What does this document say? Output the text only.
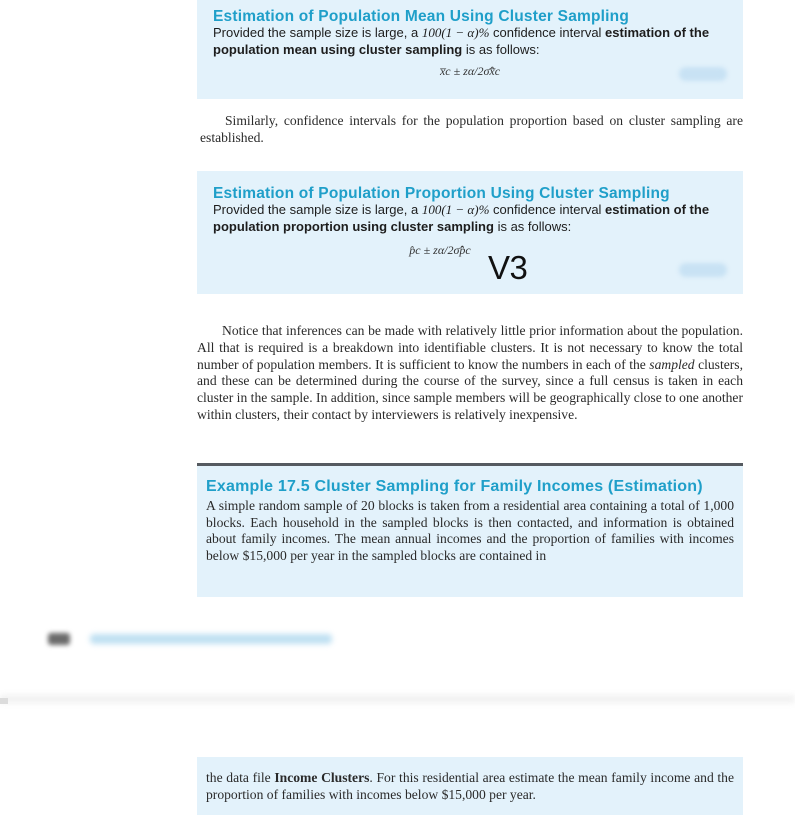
Estimation of Population Mean Using Cluster Sampling
Provided the sample size is large, a 100(1 − α)% confidence interval estimation of the population mean using cluster sampling is as follows:
x̅c ± zα/2σ̂x̅c

Similarly, confidence intervals for the population proportion based on cluster sampling are established.

Estimation of Population Proportion Using Cluster Sampling
Provided the sample size is large, a 100(1 − α)% confidence interval estimation of the population proportion using cluster sampling is as follows:
p̂c ± zα/2σ̂p̂c V3

Notice that inferences can be made with relatively little prior information about the population. All that is required is a breakdown into identifiable clusters. It is not necessary to know the total number of population members. It is sufficient to know the numbers in each of the sampled clusters, and these can be determined during the course of the survey, since a full census is taken in each cluster in the sample. In addition, since sample members will be geographically close to one another within clusters, their contact by interviewers is relatively inexpensive.

Example 17.5 Cluster Sampling for Family Incomes (Estimation)
A simple random sample of 20 blocks is taken from a residential area containing a total of 1,000 blocks. Each household in the sampled blocks is then contacted, and information is obtained about family incomes. The mean annual incomes and the proportion of families with incomes below $15,000 per year in the sampled blocks are contained in
the data file Income Clusters. For this residential area estimate the mean family income and the proportion of families with incomes below $15,000 per year.
